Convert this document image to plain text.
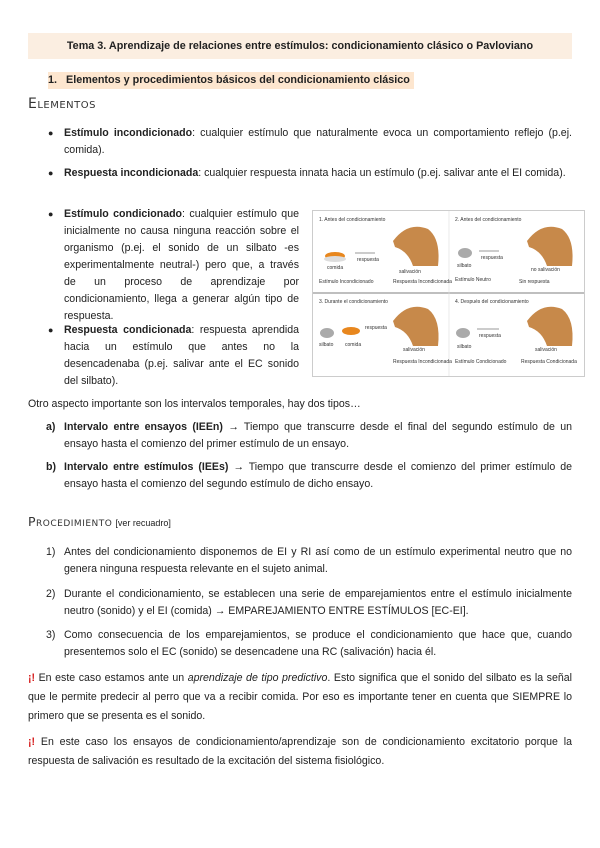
Tema 3. Aprendizaje de relaciones entre estímulos: condicionamiento clásico o Pavloviano
1. Elementos y procedimientos básicos del condicionamiento clásico
Elementos
● Estímulo incondicionado: cualquier estímulo que naturalmente evoca un comportamiento reflejo (p.ej. comida).
● Respuesta incondicionada: cualquier respuesta innata hacia un estímulo (p.ej. salivar ante el EI comida).
● Estímulo condicionado: cualquier estímulo que inicialmente no causa ninguna reacción sobre el organismo (p.ej. el sonido de un silbato -es experimentalmente neutral-) pero que, a través de un proceso de aprendizaje por condicionamiento, llega a generar algún tipo de respuesta.
● Respuesta condicionada: respuesta aprendida hacia un estímulo que antes no la desencadenaba (p.ej. salivar ante el EC sonido del silbato).
1. Antes del condicionamiento
comida
respuesta
salivación
Estímulo Incondicionado	Respuesta Incondicionada
2. Antes del condicionamiento
silbato
respuesta
no salivación
Estímulo Neutro	Sin respuesta
3. Durante el condicionamiento
silbato comida
respuesta
salivación
Respuesta Incondicionada
4. Después del condicionamiento
silbato
respuesta
salivación
Estímulo Condicionado	Respuesta Condicionada
Otro aspecto importante son los intervalos temporales, hay dos tipos…
a) Intervalo entre ensayos (IEEn) → Tiempo que transcurre desde el final del segundo estímulo de un ensayo hasta el comienzo del primer estímulo de un ensayo.
b) Intervalo entre estímulos (IEEs) → Tiempo que transcurre desde el comienzo del primer estímulo de ensayo hasta el comienzo del segundo estímulo de dicho ensayo.
Procedimiento [ver recuadro]
1) Antes del condicionamiento disponemos de EI y RI así como de un estímulo experimental neutro que no genera ninguna respuesta relevante en el sujeto animal.
2) Durante el condicionamiento, se establecen una serie de emparejamientos entre el estímulo inicialmente neutro (sonido) y el EI (comida) → EMPAREJAMIENTO ENTRE ESTÍMULOS [EC-EI].
3) Como consecuencia de los emparejamientos, se produce el condicionamiento que hace que, cuando presentemos solo el EC (sonido) se desencadene una RC (salivación) hacia él.
¡! En este caso estamos ante un aprendizaje de tipo predictivo. Esto significa que el sonido del silbato es la señal que le permite predecir al perro que va a recibir comida. Por eso es importante tener en cuenta que SIEMPRE lo primero que se presenta es el sonido.
¡! En este caso los ensayos de condicionamiento/aprendizaje son de condicionamiento excitatorio porque la respuesta de salivación es resultado de la excitación del sistema fisiológico.
